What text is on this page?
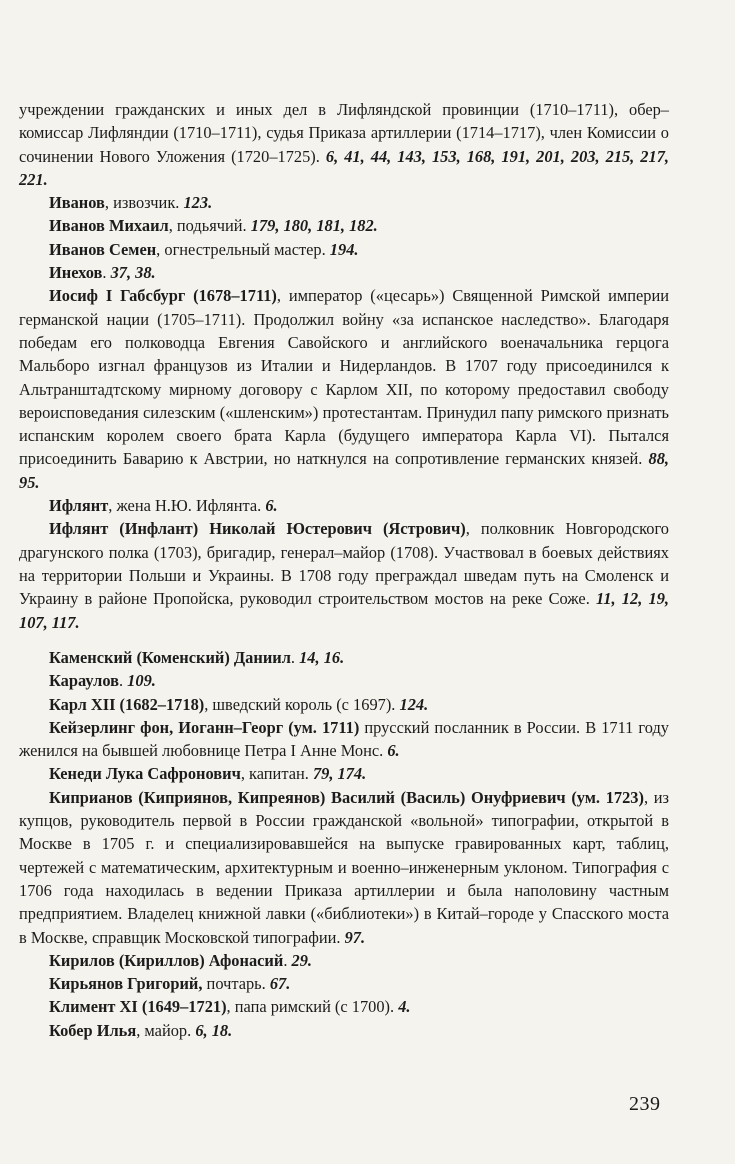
учреждении гражданских и иных дел в Лифляндской провинции (1710–1711), обер–комиссар Лифляндии (1710–1711), судья Приказа артиллерии (1714–1717), член Комиссии о сочинении Нового Уложения (1720–1725). 6, 41, 44, 143, 153, 168, 191, 201, 203, 215, 217, 221.

Иванов, извозчик. 123.

Иванов Михаил, подьячий. 179, 180, 181, 182.

Иванов Семен, огнестрельный мастер. 194.

Инехов. 37, 38.

Иосиф I Габсбург (1678–1711), император («цесарь») Священной Римской империи германской нации (1705–1711). Продолжил войну «за испанское наследство». Благодаря победам его полководца Евгения Савойского и английского военачальника герцога Мальборо изгнал французов из Италии и Нидерландов. В 1707 году присоединился к Альтранштадтскому мирному договору с Карлом XII, по которому предоставил свободу вероисповедания силезским («шленским») протестантам. Принудил папу римского признать испанским королем своего брата Карла (будущего императора Карла VI). Пытался присоединить Баварию к Австрии, но наткнулся на сопротивление германских князей. 88, 95.

Ифлянт, жена Н.Ю. Ифлянта. 6.

Ифлянт (Инфлант) Николай Юстерович (Ястрович), полковник Новгородского драгунского полка (1703), бригадир, генерал–майор (1708). Участвовал в боевых действиях на территории Польши и Украины. В 1708 году преграждал шведам путь на Смоленск и Украину в районе Пропойска, руководил строительством мостов на реке Соже. 11, 12, 19, 107, 117.

Каменский (Коменский) Даниил. 14, 16.

Караулов. 109.

Карл XII (1682–1718), шведский король (с 1697). 124.

Кейзерлинг фон, Иоганн–Георг (ум. 1711) прусский посланник в России. В 1711 году женился на бывшей любовнице Петра I Анне Монс. 6.

Кенеди Лука Сафронович, капитан. 79, 174.

Киприанов (Киприянов, Кипреянов) Василий (Василь) Онуфриевич (ум. 1723), из купцов, руководитель первой в России гражданской «вольной» типографии, открытой в Москве в 1705 г. и специализировавшейся на выпуске гравированных карт, таблиц, чертежей с математическим, архитектурным и военно–инженерным уклоном. Типография с 1706 года находилась в ведении Приказа артиллерии и была наполовину частным предприятием. Владелец книжной лавки («библиотеки») в Китай–городе у Спасского моста в Москве, справщик Московской типографии. 97.

Кирилов (Кириллов) Афонасий. 29.

Кирьянов Григорий, почтарь. 67.

Климент XI (1649–1721), папа римский (с 1700). 4.

Кобер Илья, майор. 6, 18.

239
